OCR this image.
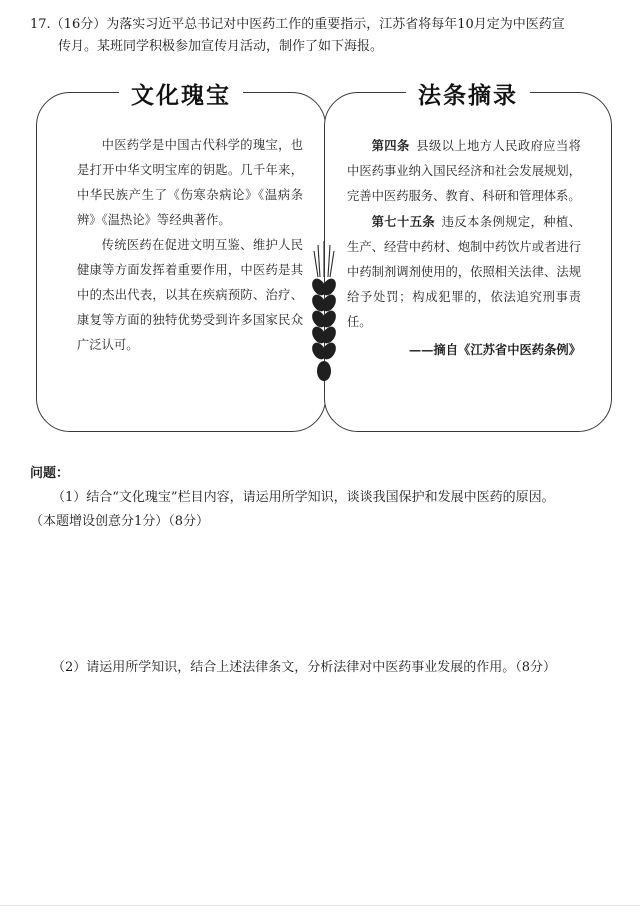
17.（16分）为落实习近平总书记对中医药工作的重要指示，江苏省将每年10月定为中医药宣
传月。某班同学积极参加宣传月活动，制作了如下海报。
文化瑰宝

中医药学是中国古代科学的瑰宝，也是打开中华文明宝库的钥匙。几千年来，中华民族产生了《伤寒杂病论》《温病条辨》《温热论》等经典著作。

传统医药在促进文明互鉴、维护人民健康等方面发挥着重要作用，中医药是其中的杰出代表，以其在疾病预防、治疗、康复等方面的独特优势受到许多国家民众广泛认可。

法条摘录

第四条  县级以上地方人民政府应当将中医药事业纳入国民经济和社会发展规划，完善中医药服务、教育、科研和管理体系。

第七十五条  违反本条例规定，种植、生产、经营中药材、炮制中药饮片或者进行中药制剂调剂使用的，依照相关法律、法规给予处罚；构成犯罪的，依法追究刑事责任。

——摘自《江苏省中医药条例》
问题：
（1）结合“文化瑰宝”栏目内容，请运用所学知识，谈谈我国保护和发展中医药的原因。
（本题增设创意分1分）（8分）
（2）请运用所学知识，结合上述法律条文，分析法律对中医药事业发展的作用。（8分）
